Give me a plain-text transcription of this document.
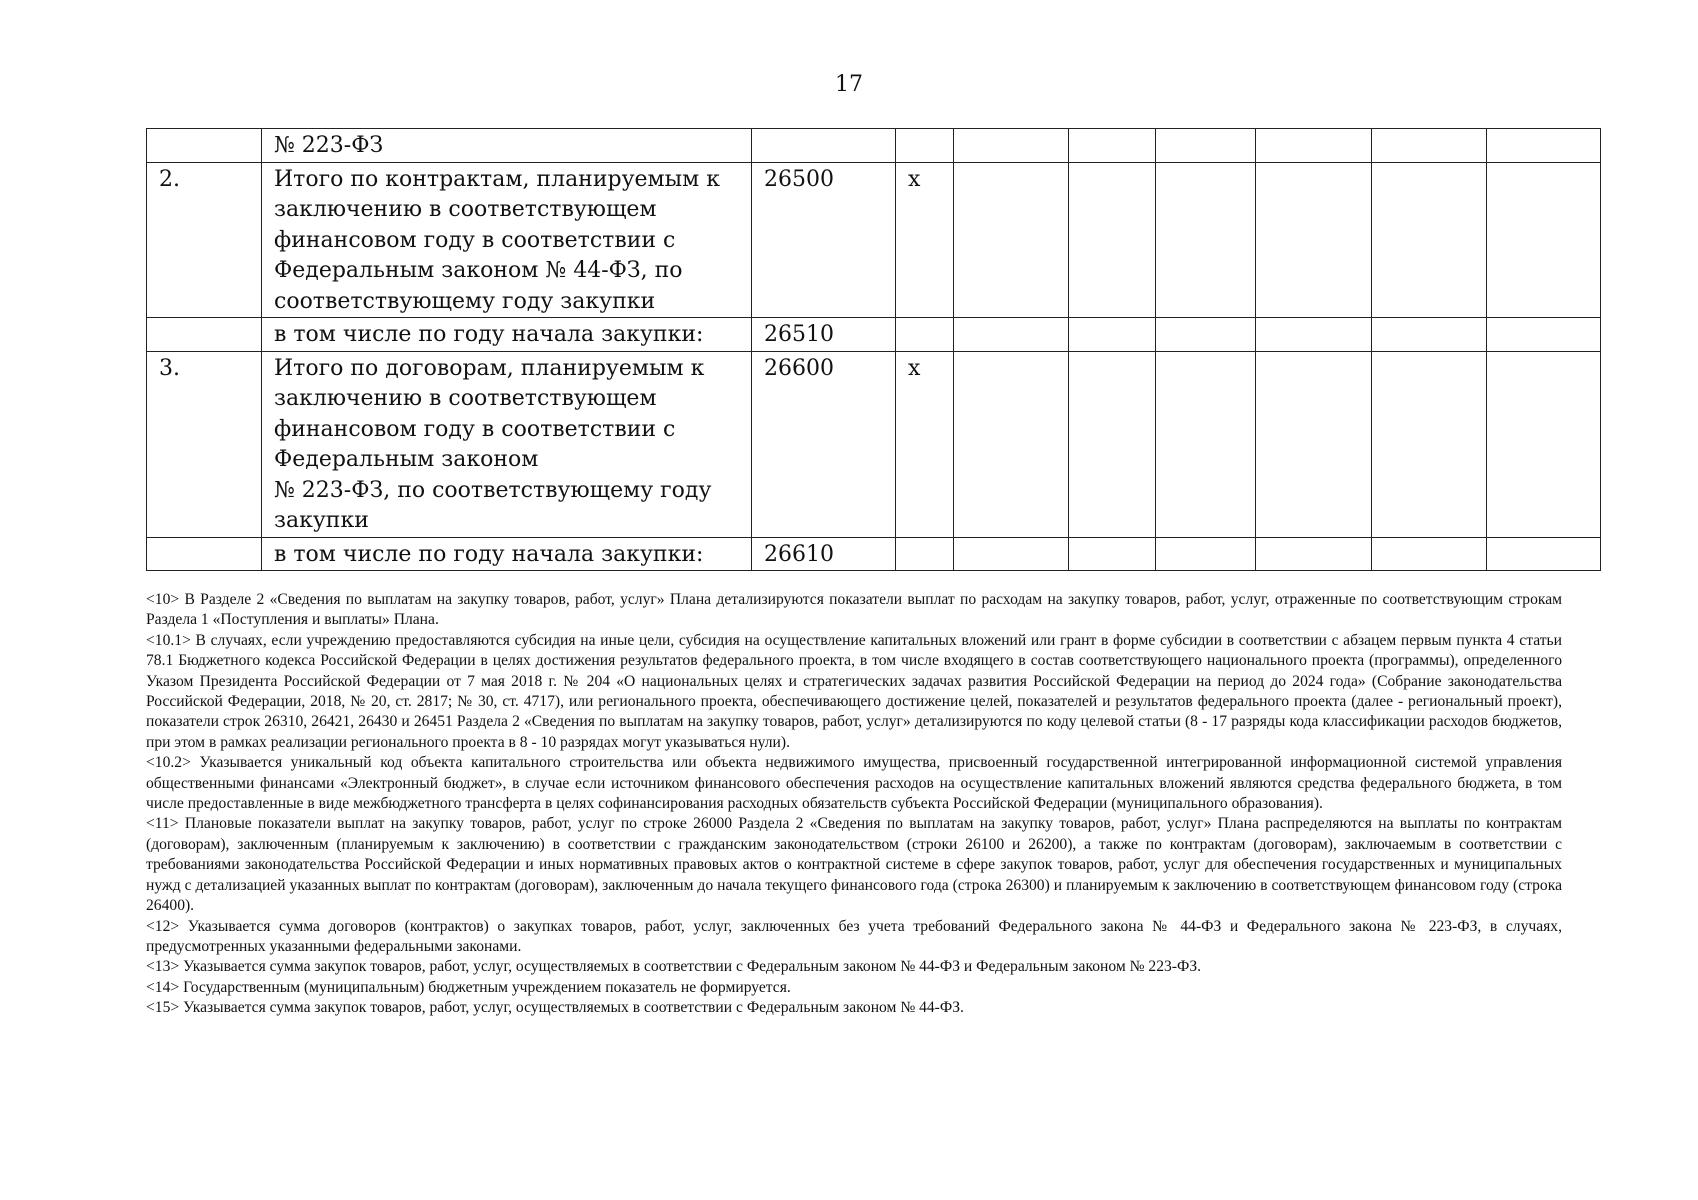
17
	№ 223-ФЗ								
2.	Итого по контрактам, планируемым к заключению в соответствующем финансовом году в соответствии с Федеральным законом № 44-ФЗ, по соответствующему году закупки	26500	x						
	в том числе по году начала закупки:	26510							
3.	Итого по договорам, планируемым к заключению в соответствующем финансовом году в соответствии с Федеральным законом
№ 223-ФЗ, по соответствующему году закупки	26600	x						
	в том числе по году начала закупки:	26610							

<10> В Разделе 2 «Сведения по выплатам на закупку товаров, работ, услуг» Плана детализируются показатели выплат по расходам на закупку товаров, работ, услуг, отраженные по соответствующим строкам Раздела 1 «Поступления и выплаты» Плана.

<10.1> В случаях, если учреждению предоставляются субсидия на иные цели, субсидия на осуществление капитальных вложений или грант в форме субсидии в соответствии с абзацем первым пункта 4 статьи 78.1 Бюджетного кодекса Российской Федерации в целях достижения результатов федерального проекта, в том числе входящего в состав соответствующего национального проекта (программы), определенного Указом Президента Российской Федерации от 7 мая 2018 г. № 204 «О национальных целях и стратегических задачах развития Российской Федерации на период до 2024 года» (Собрание законодательства Российской Федерации, 2018, № 20, ст. 2817; № 30, ст. 4717), или регионального проекта, обеспечивающего достижение целей, показателей и результатов федерального проекта (далее - региональный проект), показатели строк 26310, 26421, 26430 и 26451 Раздела 2 «Сведения по выплатам на закупку товаров, работ, услуг» детализируются по коду целевой статьи (8 - 17 разряды кода классификации расходов бюджетов, при этом в рамках реализации регионального проекта в 8 - 10 разрядах могут указываться нули).

<10.2> Указывается уникальный код объекта капитального строительства или объекта недвижимого имущества, присвоенный государственной интегрированной информационной системой управления общественными финансами «Электронный бюджет», в случае если источником финансового обеспечения расходов на осуществление капитальных вложений являются средства федерального бюджета, в том числе предоставленные в виде межбюджетного трансферта в целях софинансирования расходных обязательств субъекта Российской Федерации (муниципального образования).

<11> Плановые показатели выплат на закупку товаров, работ, услуг по строке 26000 Раздела 2 «Сведения по выплатам на закупку товаров, работ, услуг» Плана распределяются на выплаты по контрактам (договорам), заключенным (планируемым к заключению) в соответствии с гражданским законодательством (строки 26100 и 26200), а также по контрактам (договорам), заключаемым в соответствии с требованиями законодательства Российской Федерации и иных нормативных правовых актов о контрактной системе в сфере закупок товаров, работ, услуг для обеспечения государственных и муниципальных нужд с детализацией указанных выплат по контрактам (договорам), заключенным до начала текущего финансового года (строка 26300) и планируемым к заключению в соответствующем финансовом году (строка 26400).

<12> Указывается сумма договоров (контрактов) о закупках товаров, работ, услуг, заключенных без учета требований Федерального закона № 44-ФЗ и Федерального закона № 223-ФЗ, в случаях, предусмотренных указанными федеральными законами.

<13> Указывается сумма закупок товаров, работ, услуг, осуществляемых в соответствии с Федеральным законом № 44-ФЗ и Федеральным законом № 223-ФЗ.

<14> Государственным (муниципальным) бюджетным учреждением показатель не формируется.

<15> Указывается сумма закупок товаров, работ, услуг, осуществляемых в соответствии с Федеральным законом № 44-ФЗ.
